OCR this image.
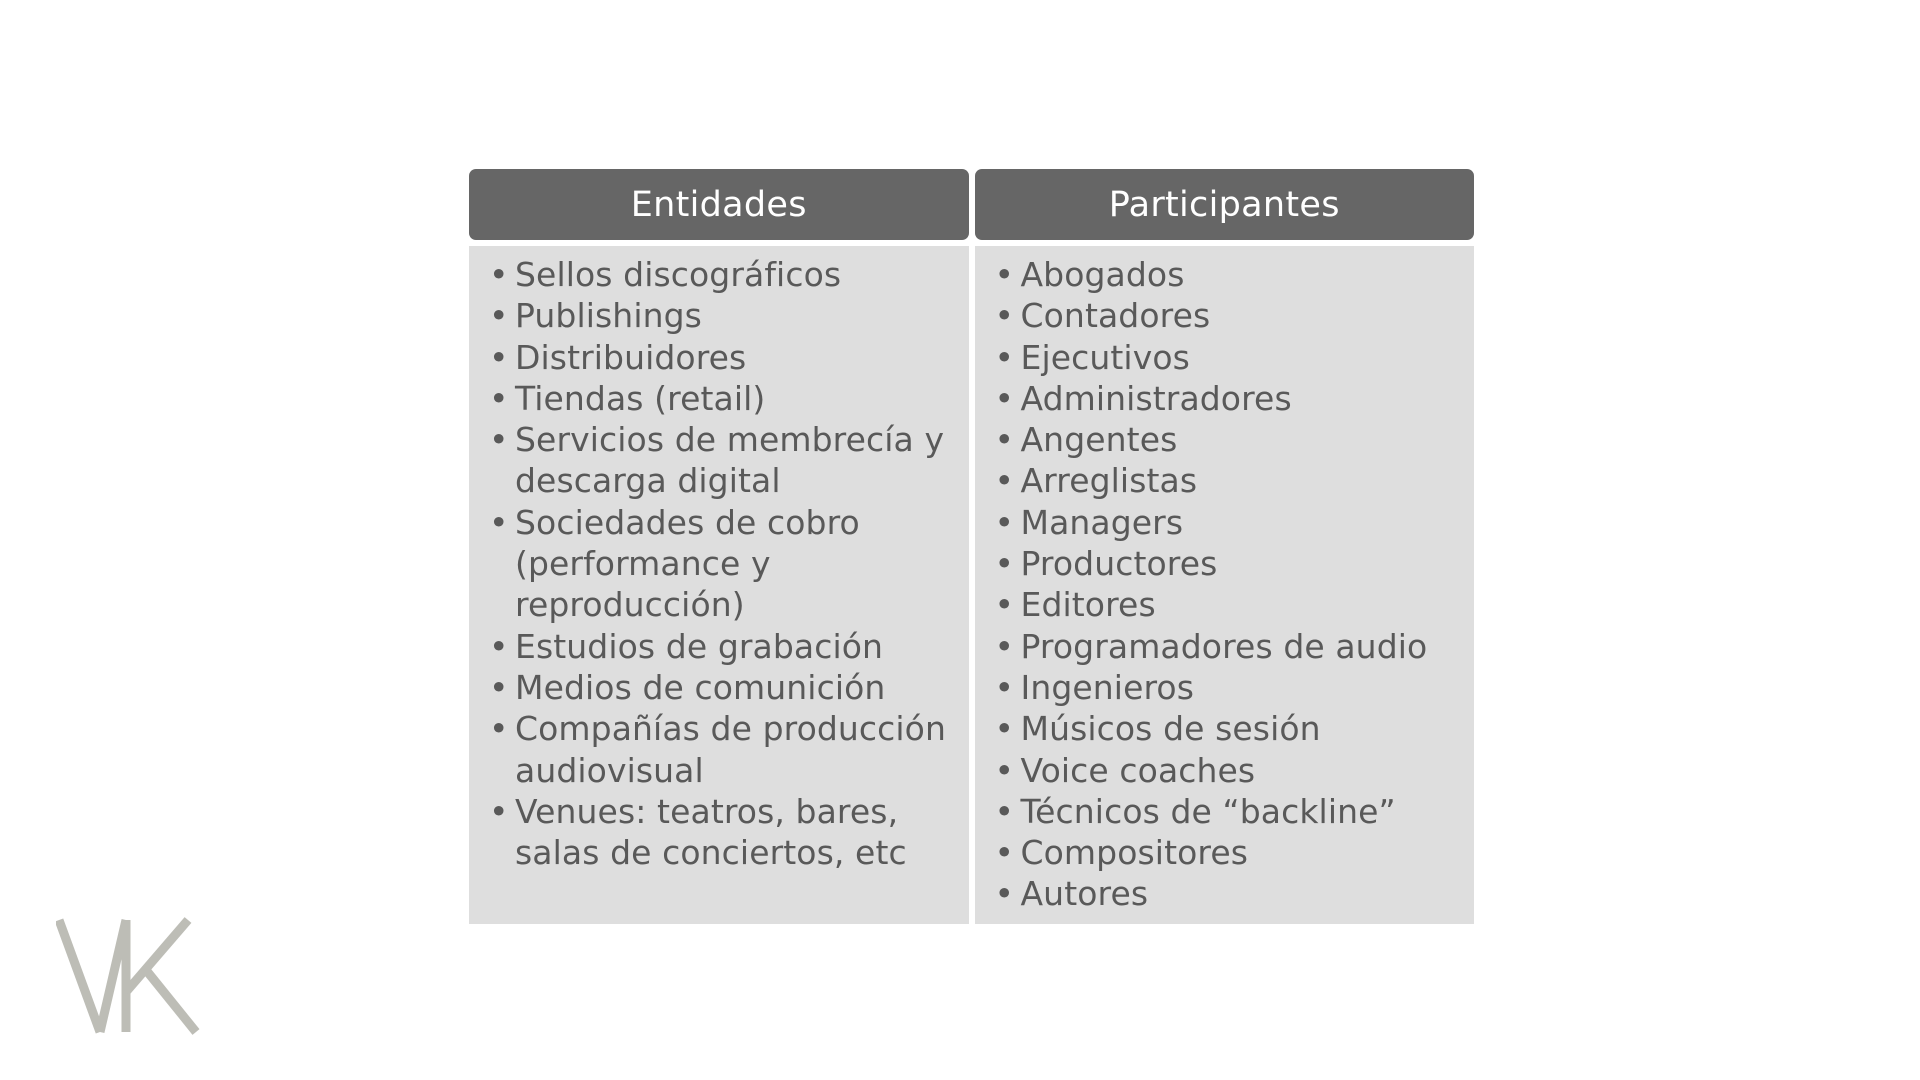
Entidades
• Sellos discográficos
• Publishings
• Distribuidores
• Tiendas (retail)
• Servicios de membrecía y descarga digital
• Sociedades de cobro (performance y reproducción)
• Estudios de grabación
• Medios de comunición
• Compañías de producción audiovisual
• Venues: teatros, bares, salas de conciertos, etc
Participantes
• Abogados
• Contadores
• Ejecutivos
• Administradores
• Angentes
• Arreglistas
• Managers
• Productores
• Editores
• Programadores de audio
• Ingenieros
• Músicos de sesión
• Voice coaches
• Técnicos de “backline”
• Compositores
• Autores
